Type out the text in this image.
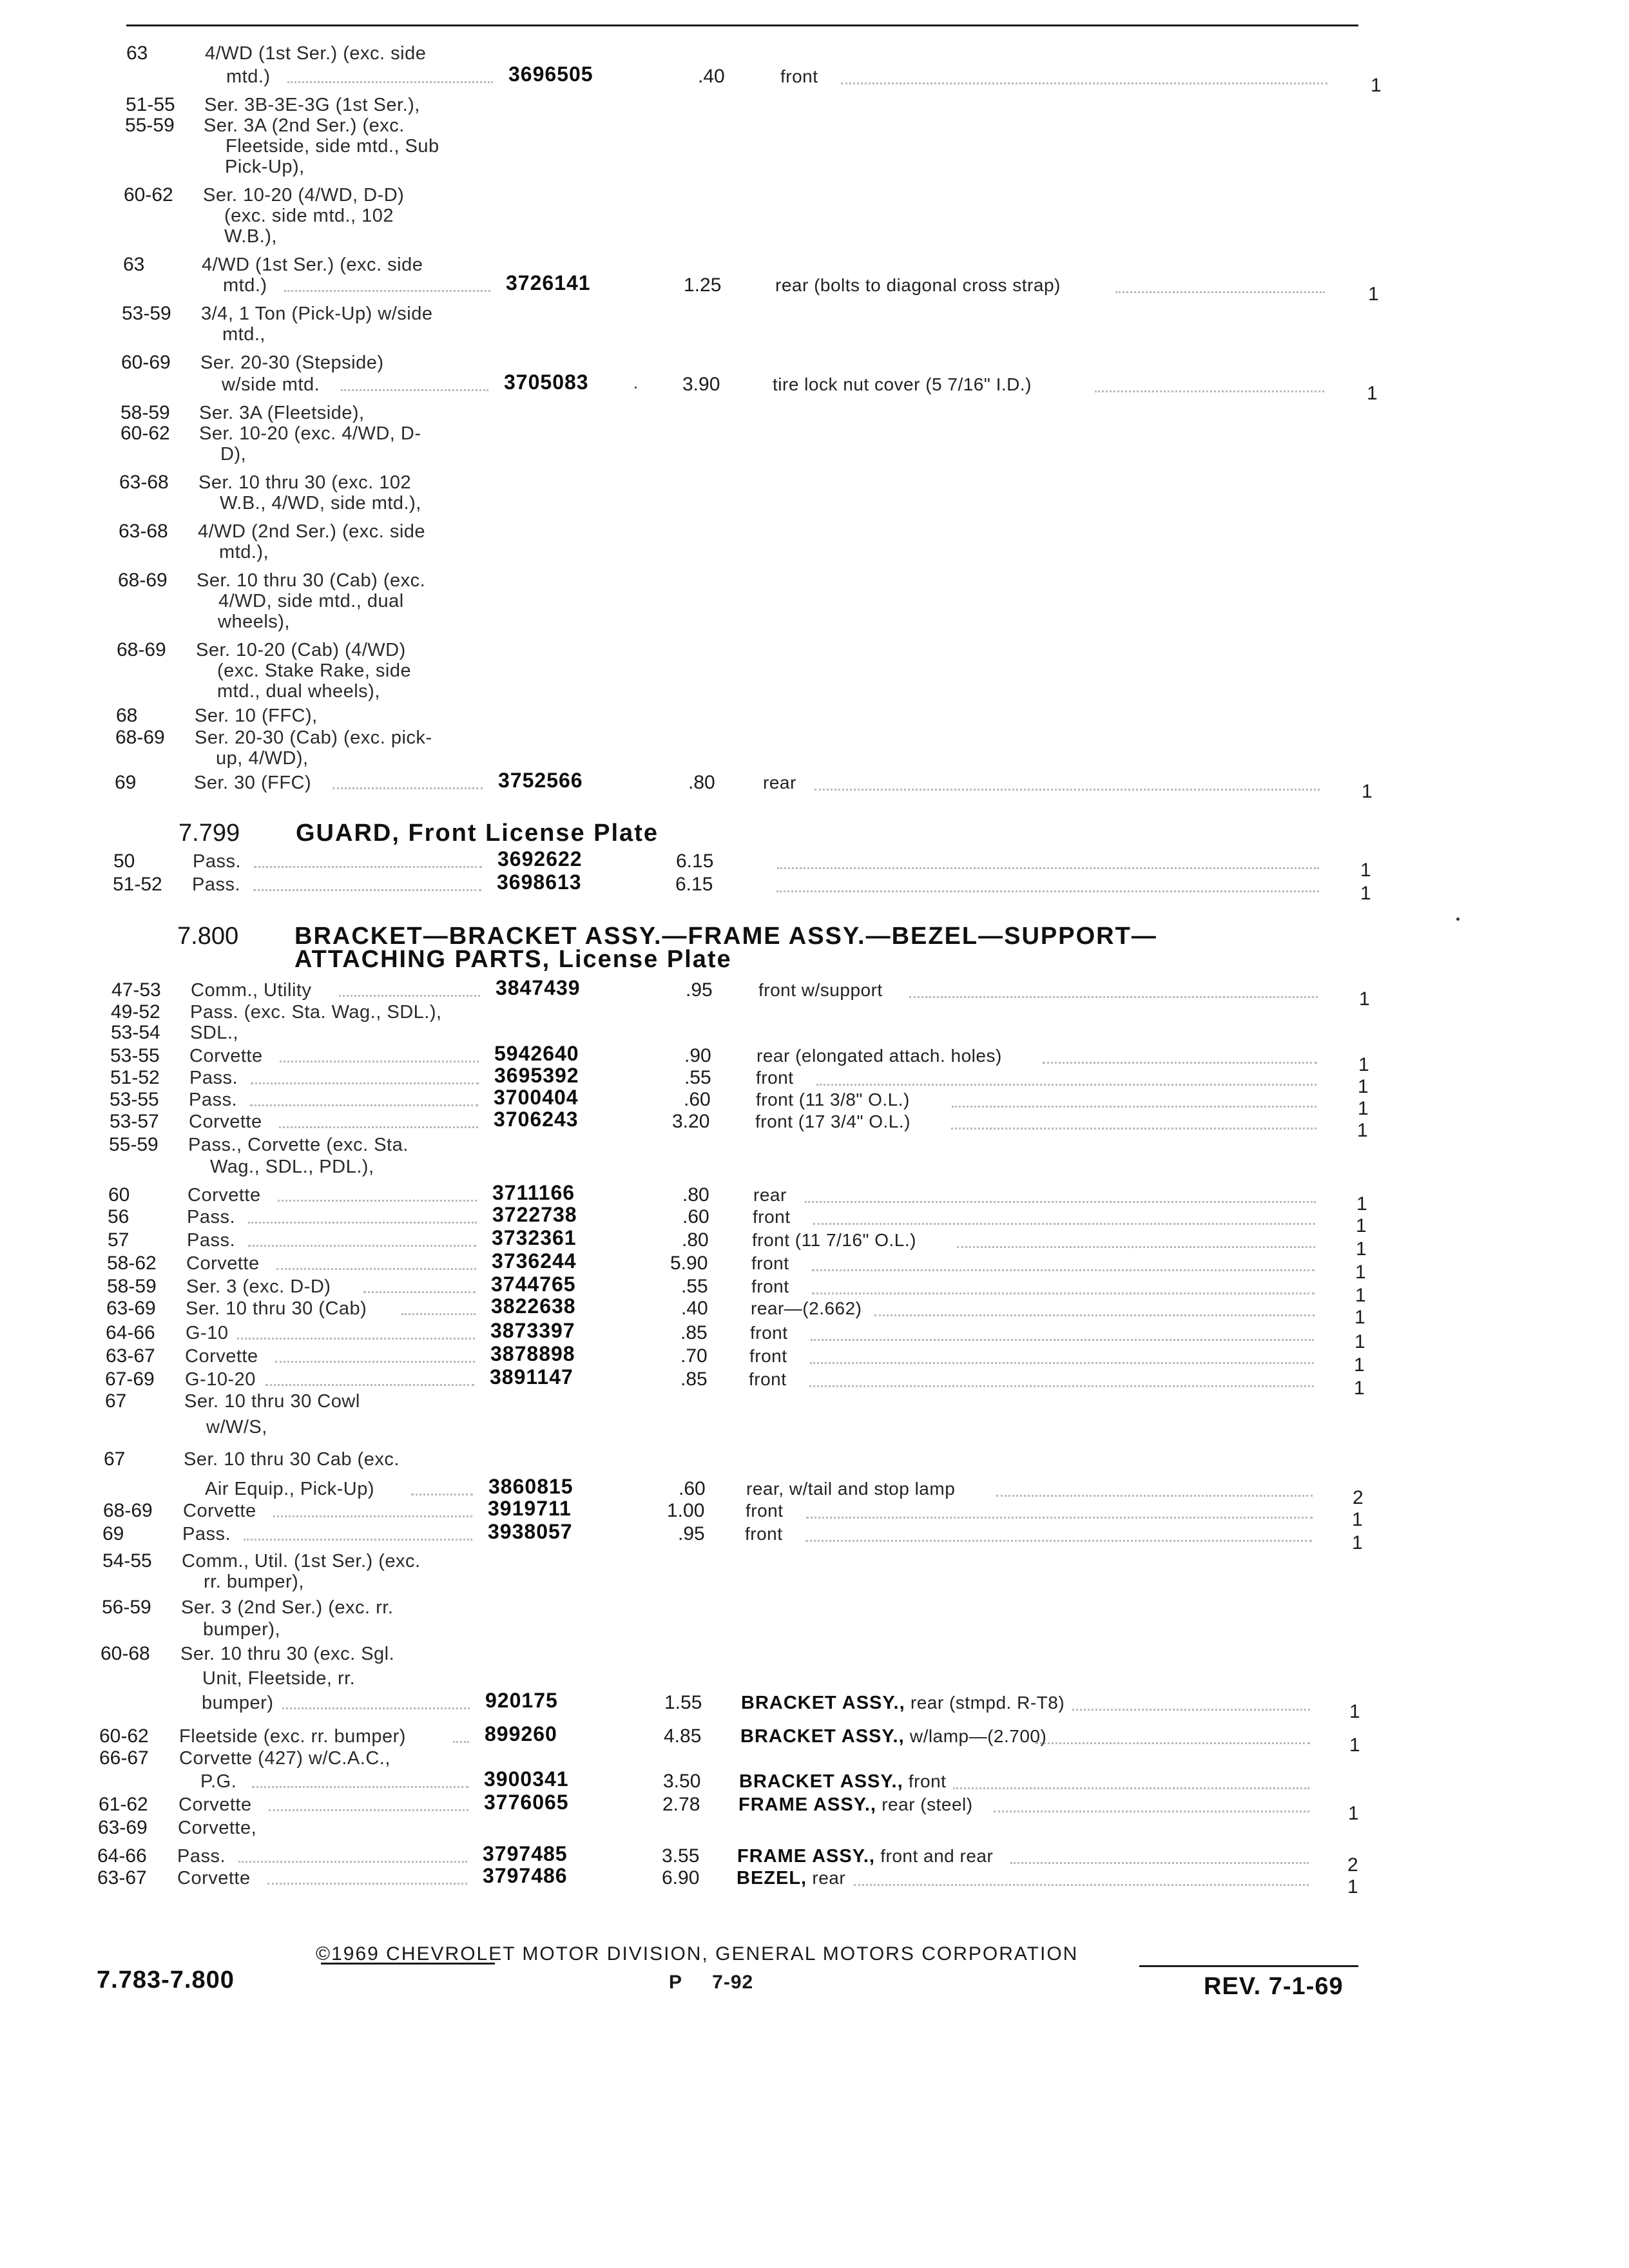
63	4/WD (1st Ser.) (exc. side
mtd.)	3696505	.40	front	1
51-55 Ser. 3B-3E-3G (1st Ser.),
55-59 Ser. 3A (2nd Ser.) (exc.
Fleetside, side mtd., Sub
Pick-Up),
60-62 Ser. 10-20 (4/WD, D-D)
(exc. side mtd., 102
W.B.),
63	4/WD (1st Ser.) (exc. side
mtd.)	3726141	1.25	rear (bolts to diagonal cross strap)	1
53-59 3/4, 1 Ton (Pick-Up) w/side
mtd.,
60-69 Ser. 20-30 (Stepside)
w/side mtd.	3705083	3.90	tire lock nut cover (5 7/16" I.D.)	1
58-59 Ser. 3A (Fleetside),
60-62 Ser. 10-20 (exc. 4/WD, D-
D),
63-68 Ser. 10 thru 30 (exc. 102
W.B., 4/WD, side mtd.),
63-68 4/WD (2nd Ser.) (exc. side
mtd.),
68-69 Ser. 10 thru 30 (Cab) (exc.
4/WD, side mtd., dual
wheels),
68-69 Ser. 10-20 (Cab) (4/WD)
(exc. Stake Rake, side
mtd., dual wheels),
68	Ser. 10 (FFC),
68-69 Ser. 20-30 (Cab) (exc. pick-
up, 4/WD),
69	Ser. 30 (FFC)	3752566	.80	rear	1
7.799 GUARD, Front License Plate
50	Pass.	3692622	6.15	1
51-52 Pass.	3698613	6.15	1
7.800 BRACKET—BRACKET ASSY.—FRAME ASSY.—BEZEL—SUPPORT—
ATTACHING PARTS, License Plate
47-53 Comm., Utility	3847439	.95	front w/support	1
49-52 Pass. (exc. Sta. Wag., SDL.),
53-54 SDL.,
53-55 Corvette	5942640	.90	rear (elongated attach. holes)	1
51-52 Pass.	3695392	.55 front	1
53-55 Pass.	3700404	.60	front (11 3/8" O.L.)	1
53-57 Corvette	3706243	3.20	front (17 3/4" O.L.)	1
55-59 Pass., Corvette (exc. Sta.
Wag., SDL., PDL.),
60	Corvette	3711166	.80 rear	1
56	Pass.	3722738	.60 front	1
57	Pass.	3732361	.80 front (11 7/16" O.L.)	1
58-62 Corvette	3736244	5.90 front	1
58-59 Ser. 3 (exc. D-D)	3744765	.55 front	1
63-69 Ser. 10 thru 30 (Cab)	3822638	.40 rear—(2.662)	1
64-66 G-10	3873397	.85 front	1
63-67 Corvette	3878898	.70 front	1
67-69 G-10-20	3891147	.85 front	1
67	Ser. 10 thru 30 Cowl
w/W/S,
67	Ser. 10 thru 30 Cab (exc.
Air Equip., Pick-Up)	3860815	.60 rear, w/tail and stop lamp	2
68-69 Corvette	3919711	1.00 front	1
69	Pass.	3938057	.95 front	1
54-55 Comm., Util. (1st Ser.) (exc.
rr. bumper),
56-59 Ser. 3 (2nd Ser.) (exc. rr.
bumper),
60-68 Ser. 10 thru 30 (exc. Sgl.
Unit, Fleetside, rr.
bumper)	920175	1.55 BRACKET ASSY., rear (stmpd. R-T8)	1
60-62 Fleetside (exc. rr. bumper)	899260	4.85 BRACKET ASSY., w/lamp—(2.700)	1
66-67 Corvette (427) w/C.A.C.,
P.G.	3900341	3.50 BRACKET ASSY., front
61-62 Corvette	3776065	2.78 FRAME ASSY., rear (steel)	1
63-69 Corvette,
64-66 Pass.	3797485	3.55 FRAME ASSY., front and rear	2
63-67 Corvette	3797486	6.90 BEZEL, rear	1
©1969 CHEVROLET MOTOR DIVISION, GENERAL MOTORS CORPORATION
7.783-7.800	P     7-92	REV. 7-1-69
